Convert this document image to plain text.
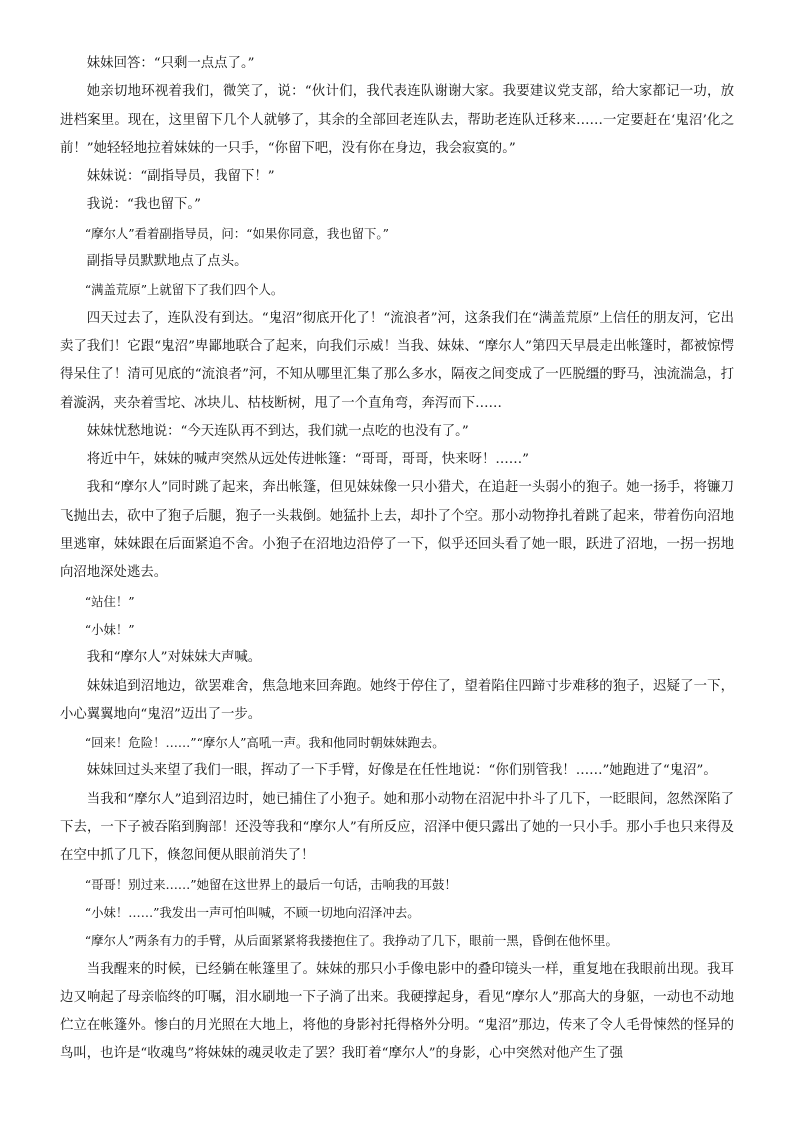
妹妹回答：“只剩一点点了。”

她亲切地环视着我们，微笑了，说：“伙计们，我代表连队谢谢大家。我要建议党支部，给大家都记一功，放进档案里。现在，这里留下几个人就够了，其余的全部回老连队去，帮助老连队迁移来……一定要赶在‘鬼沼’化之前！”她轻轻地拉着妹妹的一只手，“你留下吧，没有你在身边，我会寂寞的。”

妹妹说：“副指导员，我留下！”

我说：“我也留下。”

“摩尔人”看着副指导员，问：“如果你同意，我也留下。”

副指导员默默地点了点头。

“满盖荒原”上就留下了我们四个人。

四天过去了，连队没有到达。“鬼沼”彻底开化了！“流浪者”河，这条我们在“满盖荒原”上信任的朋友河，它出卖了我们！它跟“鬼沼”卑鄙地联合了起来，向我们示威！当我、妹妹、“摩尔人”第四天早晨走出帐篷时，都被惊愕得呆住了！清可见底的“流浪者”河，不知从哪里汇集了那么多水，隔夜之间变成了一匹脱缰的野马，浊流湍急，打着漩涡，夹杂着雪坨、冰块儿、枯枝断树，甩了一个直角弯，奔泻而下……

妹妹忧愁地说：“今天连队再不到达，我们就一点吃的也没有了。”

将近中午，妹妹的喊声突然从远处传进帐篷：“哥哥，哥哥，快来呀！……”

我和“摩尔人”同时跳了起来，奔出帐篷，但见妹妹像一只小猎犬，在追赶一头弱小的狍子。她一扬手，将镰刀飞抛出去，砍中了狍子后腿，狍子一头栽倒。她猛扑上去，却扑了个空。那小动物挣扎着跳了起来，带着伤向沼地里逃窜，妹妹跟在后面紧追不舍。小狍子在沼地边沿停了一下，似乎还回头看了她一眼，跃进了沼地，一拐一拐地向沼地深处逃去。

“站住！”

“小妹！”

我和“摩尔人”对妹妹大声喊。

妹妹追到沼地边，欲罢难舍，焦急地来回奔跑。她终于停住了，望着陷住四蹄寸步难移的狍子，迟疑了一下，小心翼翼地向“鬼沼”迈出了一步。

“回来！危险！……”“摩尔人”高吼一声。我和他同时朝妹妹跑去。

妹妹回过头来望了我们一眼，挥动了一下手臂，好像是在任性地说：“你们别管我！……”她跑进了“鬼沼”。

当我和“摩尔人”追到沼边时，她已捕住了小狍子。她和那小动物在沼泥中扑斗了几下，一眨眼间，忽然深陷了下去，一下子被吞陷到胸部！还没等我和“摩尔人”有所反应，沼泽中便只露出了她的一只小手。那小手也只来得及在空中抓了几下，倏忽间便从眼前消失了！

“哥哥！别过来……”她留在这世界上的最后一句话，击响我的耳鼓！

“小妹！……”我发出一声可怕叫喊，不顾一切地向沼泽冲去。

“摩尔人”两条有力的手臂，从后面紧紧将我搂抱住了。我挣动了几下，眼前一黑，昏倒在他怀里。

当我醒来的时候，已经躺在帐篷里了。妹妹的那只小手像电影中的叠印镜头一样，重复地在我眼前出现。我耳边又响起了母亲临终的叮嘱，泪水刷地一下子淌了出来。我硬撑起身，看见“摩尔人”那高大的身躯，一动也不动地伫立在帐篷外。惨白的月光照在大地上，将他的身影衬托得格外分明。“鬼沼”那边，传来了令人毛骨悚然的怪异的鸟叫，也许是“收魂鸟”将妹妹的魂灵收走了罢？我盯着“摩尔人”的身影，心中突然对他产生了强
